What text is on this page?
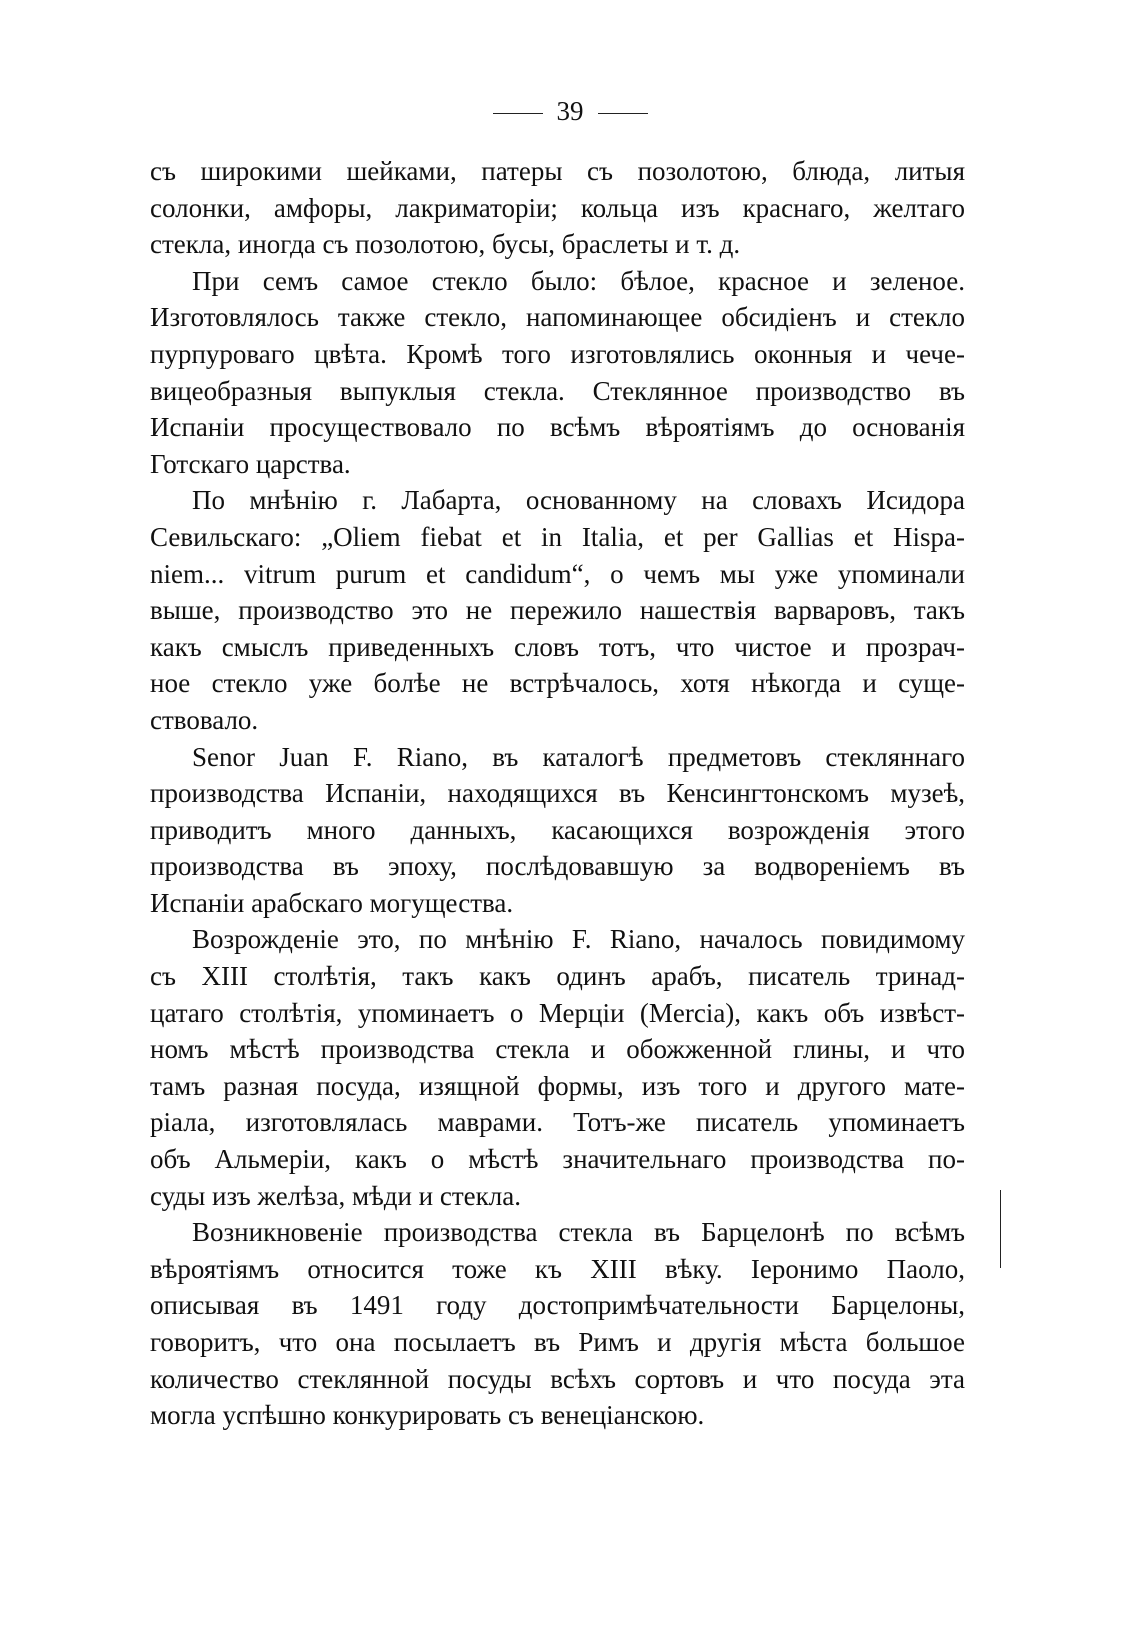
39
съ широкими шейками, патеры съ позолотою, блюда, литыя
солонки, амфоры, лакриматоріи; кольца изъ краснаго, желтаго
стекла, иногда съ позолотою, бусы, браслеты и т. д.
При семъ самое стекло было: бѣлое, красное и зеленое.
Изготовлялось также стекло, напоминающее обсидіенъ и стекло
пурпуроваго цвѣта. Кромѣ того изготовлялись оконныя и чече-
вицеобразныя выпуклыя стекла. Стеклянное производство въ
Испаніи просуществовало по всѣмъ вѣроятіямъ до основанія
Готскаго царства.
По мнѣнію г. Лабарта, основанному на словахъ Исидора
Севильскаго: „Oliem fiebat et in Italia, et per Gallias et Hispa-
niem... vitrum purum et candidum“, о чемъ мы уже упоминали
выше, производство это не пережило нашествія варваровъ, такъ
какъ смыслъ приведенныхъ словъ тотъ, что чистое и прозрач-
ное стекло уже болѣе не встрѣчалось, хотя нѣкогда и суще-
ствовало.
Senor Juan F. Riano, въ каталогѣ предметовъ стекляннаго
производства Испаніи, находящихся въ Кенсингтонскомъ музеѣ,
приводитъ много данныхъ, касающихся возрожденія этого
производства въ эпоху, послѣдовавшую за водвореніемъ въ
Испаніи арабскаго могущества.
Возрожденіе это, по мнѣнію F. Riano, началось повидимому
съ XIII столѣтія, такъ какъ одинъ арабъ, писатель тринад-
цатаго столѣтія, упоминаетъ о Мерціи (Mercia), какъ объ извѣст-
номъ мѣстѣ производства стекла и обожженной глины, и что
тамъ разная посуда, изящной формы, изъ того и другого мате-
ріала, изготовлялась маврами. Тотъ-же писатель упоминаетъ
объ Альмеріи, какъ о мѣстѣ значительнаго производства по-
суды изъ желѣза, мѣди и стекла.
Возникновеніе производства стекла въ Барцелонѣ по всѣмъ
вѣроятіямъ относится тоже къ XIII вѣку. Іеронимо Паоло,
описывая въ 1491 году достопримѣчательности Барцелоны,
говоритъ, что она посылаетъ въ Римъ и другія мѣста большое
количество стеклянной посуды всѣхъ сортовъ и что посуда эта
могла успѣшно конкурировать съ венеціанскою.
